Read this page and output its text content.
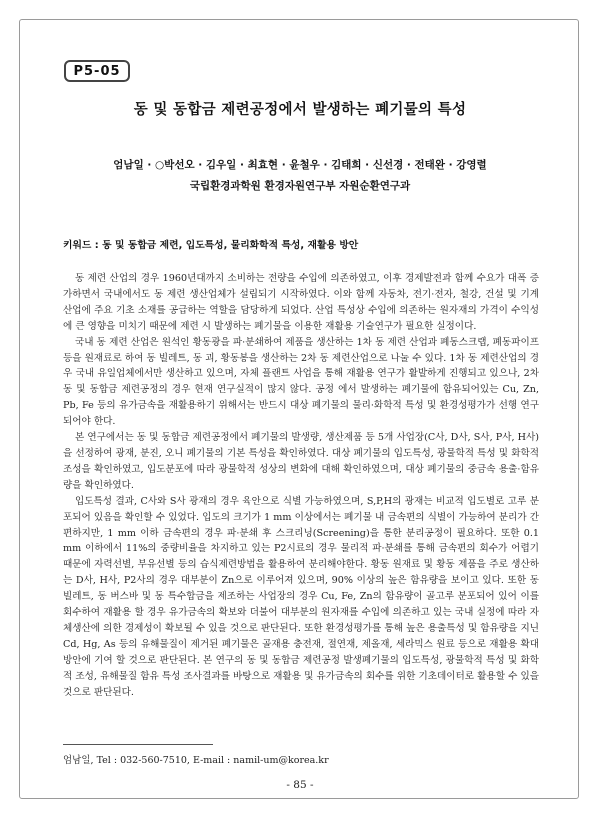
P5-05
동 및 동합금 제련공정에서 발생하는 폐기물의 특성
엄남일 · ○박선오 · 김우일 · 최효현 · 윤철우 · 김태희 · 신선경 · 전태완 · 강영렬
국립환경과학원 환경자원연구부 자원순환연구과
키워드 : 동 및 동합금 제련, 입도특성, 물리화학적 특성, 재활용 방안

동 제련 산업의 경우 1960년대까지 소비하는 전량을 수입에 의존하였고, 이후 경제발전과 함께 수요가 대폭 증가하면서 국내에서도 동 제련 생산업체가 설립되기 시작하였다. 이와 함께 자동차, 전기·전자, 철강, 건설 및 기계 산업에 주요 기초 소재를 공급하는 역할을 담당하게 되었다. 산업 특성상 수입에 의존하는 원자재의 가격이 수익성에 큰 영향을 미치기 때문에 제련 시 발생하는 폐기물을 이용한 재활용 기술연구가 필요한 실정이다.

국내 동 제련 산업은 원석인 황동광을 파·분쇄하여 제품을 생산하는 1차 동 제련 산업과 폐동스크랩, 폐동파이프 등을 원재료로 하여 동 빌레트, 동 괴, 황동봉을 생산하는 2차 동 제련산업으로 나눌 수 있다. 1차 동 제련산업의 경우 국내 유일업체에서만 생산하고 있으며, 자체 플랜트 사업을 통해 재활용 연구가 활발하게 진행되고 있으나, 2차 동 및 동합금 제련공정의 경우 현재 연구실적이 많지 않다. 공정 에서 발생하는 폐기물에 함유되어있는 Cu, Zn, Pb, Fe 등의 유가금속을 재활용하기 위해서는 반드시 대상 폐기물의 물리·화학적 특성 및 환경성평가가 선행 연구되어야 한다.

본 연구에서는 동 및 동합금 제련공정에서 폐기물의 발생량, 생산제품 등 5개 사업장(C사, D사, S사, P사, H사)을 선정하여 광재, 분진, 오니 폐기물의 기본 특성을 확인하였다. 대상 폐기물의 입도특성, 광물학적 특성 및 화학적 조성을 확인하였고, 입도분포에 따라 광물학적 성상의 변화에 대해 확인하였으며, 대상 폐기물의 중금속 용출·함유량을 확인하였다.

입도특성 결과, C사와 S사 광재의 경우 육안으로 식별 가능하였으며, S,P,H의 광재는 비교적 입도별로 고루 분포되어 있음을 확인할 수 있었다. 입도의 크기가 1 mm 이상에서는 폐기물 내 금속편의 식별이 가능하여 분리가 간편하지만, 1 mm 이하 금속편의 경우 파·분쇄 후 스크리닝(Screening)을 통한 분리공정이 필요하다. 또한 0.1 mm 이하에서 11%의 중량비율을 차지하고 있는 P2시료의 경우 물리적 파·분쇄를 통해 금속편의 회수가 어렵기 때문에 자력선별, 부유선별 등의 습식제련방법을 활용하여 분리해야한다. 황동 원재료 및 황동 제품을 주로 생산하는 D사, H사, P2사의 경우 대부분이 Zn으로 이루어져 있으며, 90% 이상의 높은 함유량을 보이고 있다. 또한 동 빌레트, 동 버스바 및 동 특수합금을 제조하는 사업장의 경우 Cu, Fe, Zn의 함유량이 골고루 분포되어 있어 이를 회수하여 재활용 할 경우 유가금속의 확보와 더불어 대부분의 원자재를 수입에 의존하고 있는 국내 실정에 따라 자체생산에 의한 경제성이 확보될 수 있을 것으로 판단된다. 또한 환경성평가를 통해 높은 용출특성 및 함유량을 지닌 Cd, Hg, As 등의 유해물질이 제거된 폐기물은 골재용 충전재, 절연재, 제올재, 세라믹스 원료 등으로 재활용 확대방안에 기여 할 것으로 판단된다. 본 연구의 동 및 동합금 제련공정 발생폐기물의 입도특성, 광물학적 특성 및 화학적 조성, 유해물질 함유 특성 조사결과를 바탕으로 재활용 및 유가금속의 회수를 위한 기초데이터로 활용할 수 있을 것으로 판단된다.

엄남일, Tel : 032-560-7510, E-mail : namil-um@korea.kr
- 85 -
